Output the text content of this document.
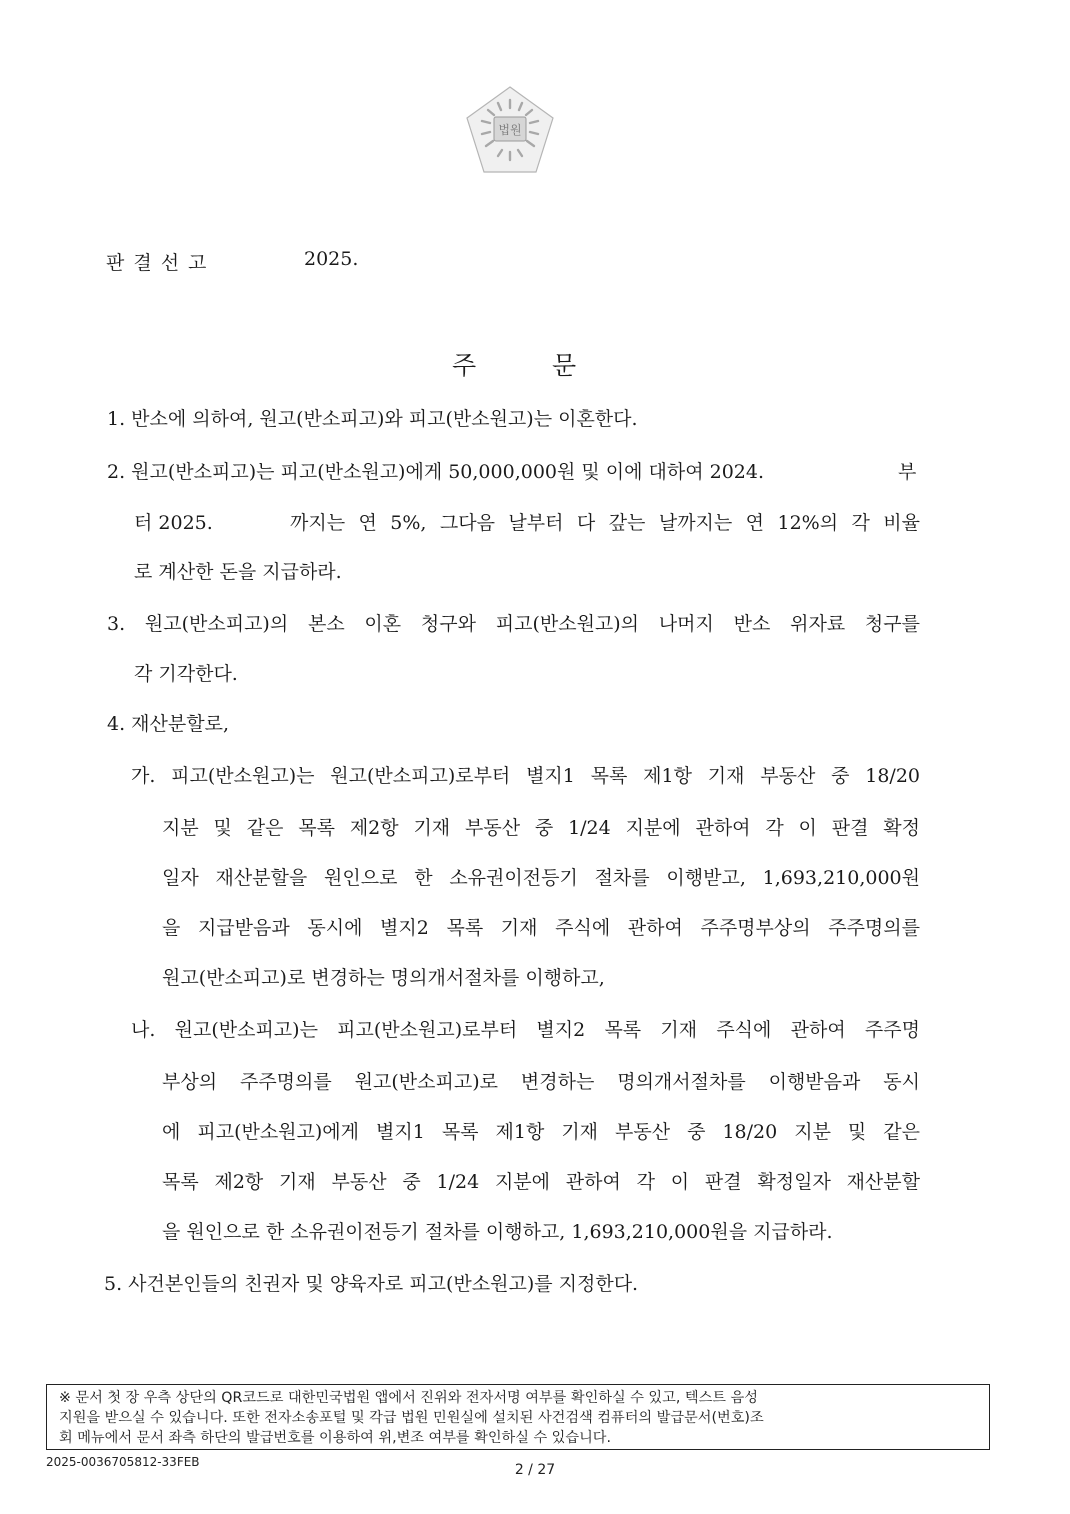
법원
판결선고	2025.
주	문
1. 반소에 의하여, 원고(반소피고)와 피고(반소원고)는 이혼한다.
2. 원고(반소피고)는 피고(반소원고)에게 50,000,000원 및 이에 대하여 2024.	부
터 2025.	까지는 연 5%, 그다음 날부터 다 갚는 날까지는 연 12%의 각 비율
로 계산한 돈을 지급하라.
3. 원고(반소피고)의 본소 이혼 청구와 피고(반소원고)의 나머지 반소 위자료 청구를
각 기각한다.
4. 재산분할로,
가. 피고(반소원고)는 원고(반소피고)로부터 별지1 목록 제1항 기재 부동산 중 18/20
지분 및 같은 목록 제2항 기재 부동산 중 1/24 지분에 관하여 각 이 판결 확정
일자 재산분할을 원인으로 한 소유권이전등기 절차를 이행받고, 1,693,210,000원
을 지급받음과 동시에 별지2 목록 기재 주식에 관하여 주주명부상의 주주명의를
원고(반소피고)로 변경하는 명의개서절차를 이행하고,
나. 원고(반소피고)는 피고(반소원고)로부터 별지2 목록 기재 주식에 관하여 주주명
부상의 주주명의를 원고(반소피고)로 변경하는 명의개서절차를 이행받음과 동시
에 피고(반소원고)에게 별지1 목록 제1항 기재 부동산 중 18/20 지분 및 같은
목록 제2항 기재 부동산 중 1/24 지분에 관하여 각 이 판결 확정일자 재산분할
을 원인으로 한 소유권이전등기 절차를 이행하고, 1,693,210,000원을 지급하라.
5. 사건본인들의 친권자 및 양육자로 피고(반소원고)를 지정한다.
※ 문서 첫 장 우측 상단의 QR코드로 대한민국법원 앱에서 진위와 전자서명 여부를 확인하실 수 있고, 텍스트 음성
지원을 받으실 수 있습니다. 또한 전자소송포털 및 각급 법원 민원실에 설치된 사건검색 컴퓨터의 발급문서(번호)조
회 메뉴에서 문서 좌측 하단의 발급번호를 이용하여 위,변조 여부를 확인하실 수 있습니다.
2025-0036705812-33FEB	2 / 27
